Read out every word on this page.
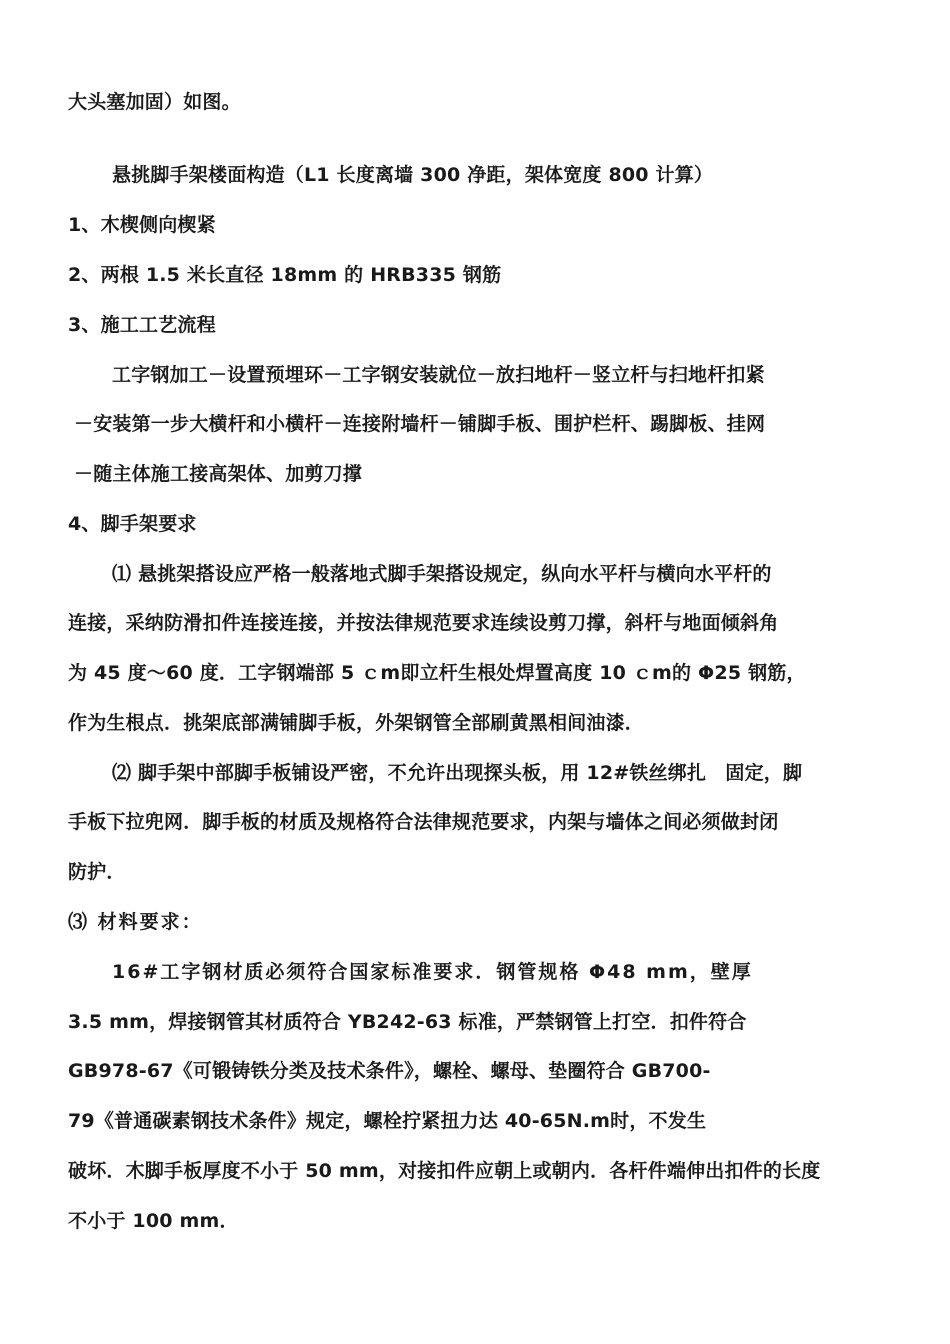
大头塞加固）如图。
悬挑脚手架楼面构造（L1 长度离墙 300 净距，架体宽度 800 计算）
1、木楔侧向楔紧
2、两根 1.5 米长直径 18mm 的 HRB335 钢筋
3、施工工艺流程
工字钢加工－设置预埋环－工字钢安装就位－放扫地杆－竖立杆与扫地杆扣紧
－安装第一步大横杆和小横杆－连接附墙杆－铺脚手板、围护栏杆、踢脚板、挂网
－随主体施工接高架体、加剪刀撑
4、脚手架要求
⑴ 悬挑架搭设应严格一般落地式脚手架搭设规定，纵向水平杆与横向水平杆的
连接，采纳防滑扣件连接连接，并按法律规范要求连续设剪刀撑，斜杆与地面倾斜角
为 45 度～60 度．工字钢端部 5 ｃm即立杆生根处焊置高度 10 ｃm的 Φ25 钢筋，
作为生根点．挑架底部满铺脚手板，外架钢管全部刷黄黑相间油漆．
⑵ 脚手架中部脚手板铺设严密，不允许出现探头板，用 12#铁丝绑扎　固定，脚
手板下拉兜网．脚手板的材质及规格符合法律规范要求，内架与墙体之间必须做封闭
防护．
⑶ 材料要求：
16#工字钢材质必须符合国家标准要求．钢管规格 Φ48 mm，壁厚
3.5 mm，焊接钢管其材质符合 YB242-63 标准，严禁钢管上打空．扣件符合
GB978-67《可锻铸铁分类及技术条件》，螺栓、螺母、垫圈符合 GB700-
79《普通碳素钢技术条件》规定，螺栓拧紧扭力达 40-65N.m时，不发生
破坏．木脚手板厚度不小于 50 mm，对接扣件应朝上或朝内．各杆件端伸出扣件的长度
不小于 100 mm．
